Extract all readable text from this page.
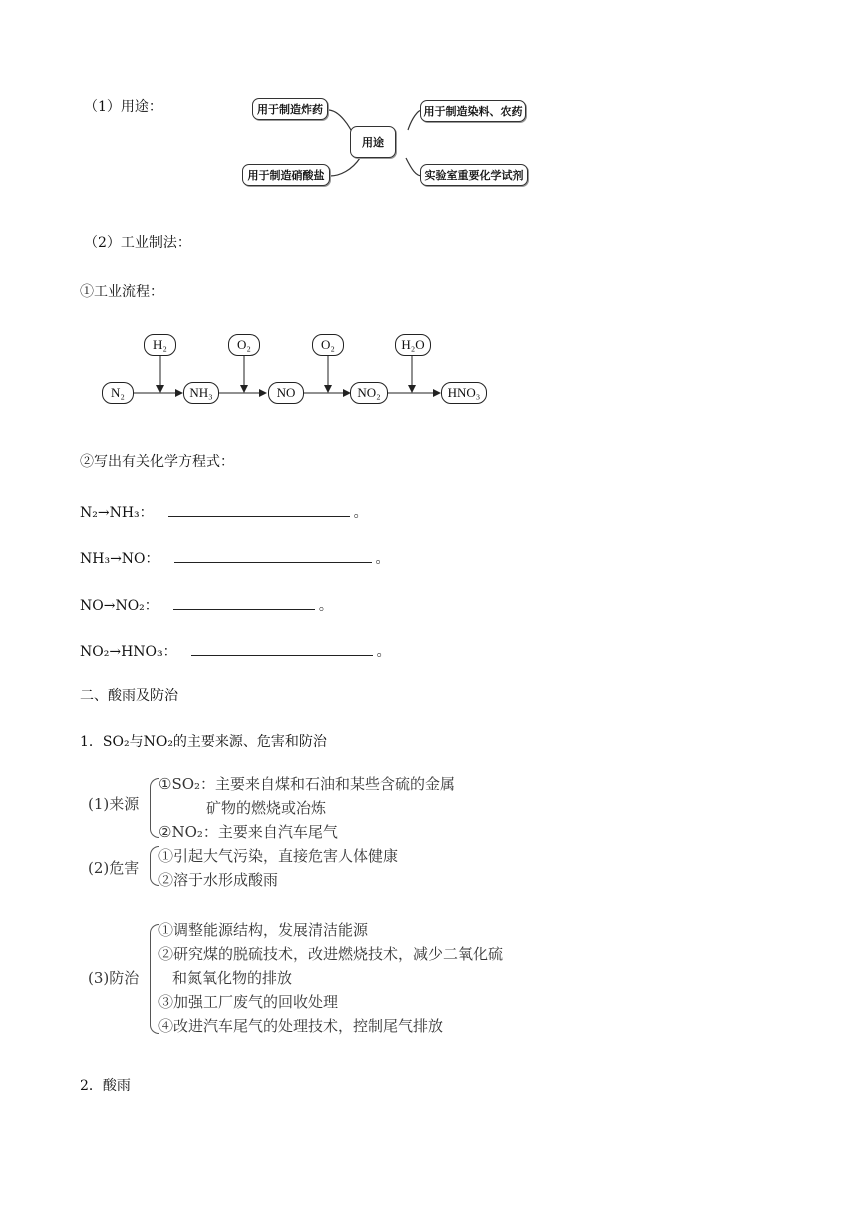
（1）用途：
用途
用于制造炸药	用于制造染料、农药
用于制造硝酸盐	实验室重要化学试剂
（2）工业制法：
①工业流程：
H₂	O₂	O₂	H₂O
N₂	NH₃	NO	NO₂	HNO₃
②写出有关化学方程式：
N₂→NH₃：	。
NH₃→NO：	。
NO→NO₂：	。
NO₂→HNO₃：	。
二、酸雨及防治
1．SO₂与NO₂的主要来源、危害和防治
(1)来源
①SO₂：主要来自煤和石油和某些含硫的金属
矿物的燃烧或冶炼
②NO₂：主要来自汽车尾气
(2)危害
①引起大气污染，直接危害人体健康
②溶于水形成酸雨
(3)防治
①调整能源结构，发展清洁能源
②研究煤的脱硫技术，改进燃烧技术，减少二氧化硫
和氮氧化物的排放
③加强工厂废气的回收处理
④改进汽车尾气的处理技术，控制尾气排放
2．酸雨
